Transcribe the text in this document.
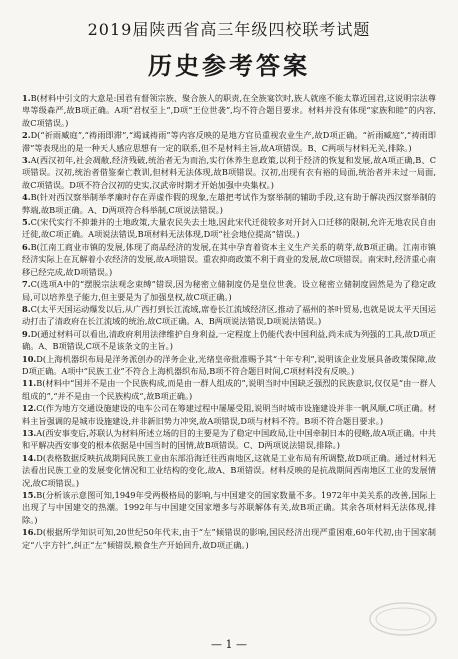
2019届陕西省高三年级四校联考试题
历史参考答案

1.B(材料中引文的大意是:国君有督领宗族、聚合族人的职责,在全族宴饮时,族人就座不能太靠近国君,这说明宗法尊卑等级森严,故B项正确。A项“君权至上”,D项“王位世袭”,均不符合题目要求。材料并没有体现“家族和睦”的内容,故C项错误。)

2.D(“祈雨臧庭”,“祷雨即滞”,“竭诚祷雨”等内容反映的是地方官员重视农业生产,故D项正确。“祈雨臧庭”,“祷雨即滞”等表现出的是一种天人感应思想有一定的联系,但不是材料主旨,故A项错误。B、C两项与材料无关,排除。)

3.A(西汉初年,社会凋敝,经济残破,统治者无为而治,实行休养生息政策,以利于经济的恢复和发展,故A项正确,B、C项错误。汉初,统治者借鉴秦亡教训,但材料无法体现,故B项错误。汉初,出现有衣有裕的局面,统治者并未过一局面,故C项错误。D项不符合汉初的史实,汉武帝时期才开始加强中央集权。)

4.B(针对西汉察举制举孝廉时存在弄虚作假的现象,左雄把考试作为察举制的辅助手段,这有助于解决西汉察举制的弊端,故B项正确。A、D两项符合科举制,C项说法错误。)

5.C(宋代实行不抑兼并的土地政策,大量农民失去土地,因此宋代迁徙较多对开封入口迁移的限制,允许无地农民自由迁徙,故C项正确。A项说法错误,B项材料无法体现,D项“社会地位提高”错误。)

6.B(江南工商业市镇的发展,体现了商品经济的发展,在其中孕育着资本主义生产关系的萌芽,故B项正确。江南市镇经济实际上在瓦解着小农经济的发展,故A项错误。重农抑商政策不利于商业的发展,故C项错误。南宋时,经济重心南移已经完成,故D项错误。)

7.C(选项A中的“摆脱宗法观念束缚”错误,因为秘密立储制度仍是皇位世袭。设立秘密立储制度固然是为了稳定政局,可以培养皇子能力,但主要是为了加强皇权,故C项正确。)

8.C(太平天国运动爆发以后,从广西打到长江流域,席卷长江流域经济区,推动了福州的茶叶贸易,也就是说太平天国运动打击了清政府在长江流域的统治,故C项正确。A、B两项说法错误,D项说法错误。)

9.D(通过材料可以看出,清政府利用法律维护自身利益,一定程度上仍能代表中国利益,尚未成为列强的工具,故D项正确。A、B项错误,C项不是该条文的主旨。)

10.D(上海机器织布局是洋务派创办的洋务企业,光绪皇帝批准赐予其“十年专利”,说明该企业发展具备政策保障,故D项正确。A项中“民族工业”不符合上海机器织布局,B项不符合题目时间,C项材料没有反映。)

11.B(材料中“国并不是由一个民族构成,而是由一群人组成的”,说明当时中国缺乏强烈的民族意识,仅仅是“由一群人组成的”,“并不是由一个民族构成”,故B项正确。)

12.C(作为地方交通设施建设的电车公司在筹建过程中屡屡受阻,说明当时城市设施建设并非一帆风顺,C项正确。材料主旨强调的是城市设施建设,并非新旧势力冲突,故A项错误,D项与材料不符。B项不符合题目要求。)

13.A(西安事变后,苏联认为材料所述立场的目的主要是为了稳定中国政局,让中国牵制日本的侵略,故A项正确。中共和平解决西安事变的根本依据是中国当时的国情,故B项错误。C、D两项说法错误,排除。)

14.D(表格数据反映抗战期间民族工业由东部沿海迁往西南地区,这就是工业布局有所调整,故D项正确。通过材料无法看出民族工业的发展变化情况和工业结构的变化,故A、B项错误。材料反映的是抗战期间西南地区工业的发展情况,故C项错误。)

15.B(分析该示意图可知,1949年受两极格局的影响,与中国建交的国家数量不多。1972年中美关系的改善,国际上出现了与中国建交的热潮。1992年与中国建交国家增多与苏联解体有关,故B项正确。其余各项材料无法体现,排除。)

16.D(根据所学知识可知,20世纪50年代末,由于“左”倾错误的影响,国民经济出现严重困难,60年代初,由于国家制定“八字方针”,纠正“左”倾错误,粮食生产开始回升,故D项正确。)

— 1 —
